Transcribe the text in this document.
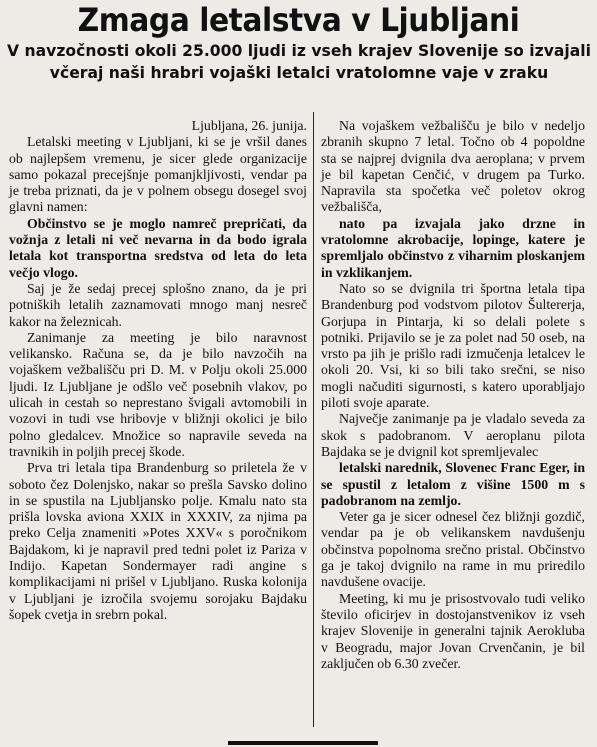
Zmaga letalstva v Ljubljani
V navzočnosti okoli 25.000 ljudi iz vseh krajev Slovenije so izvajali včeraj naši hrabri vojaški letalci vratolomne vaje v zraku

Ljubljana, 26. junija.

Letalski meeting v Ljubljani, ki se je vršil danes ob najlepšem vremenu, je sicer glede organizacije samo pokazal precejšnje pomanjkljivosti, vendar pa je treba priznati, da je v polnem obsegu dosegel svoj glavni namen:

Občinstvo se je moglo namreč prepričati, da vožnja z letali ni več nevarna in da bodo igrala letala kot transportna sredstva od leta do leta večjo vlogo.

Saj je že sedaj precej splošno znano, da je pri potniških letalih zaznamovati mnogo manj nesreč kakor na železnicah.

Zanimanje za meeting je bilo naravnost velikansko. Računa se, da je bilo navzočih na vojaškem vežbališču pri D. M. v Polju okoli 25.000 ljudi. Iz Ljubljane je odšlo več posebnih vlakov, po ulicah in cestah so neprestano švigali avtomobili in vozovi in tudi vse hribovje v bližnji okolici je bilo polno gledalcev. Množice so napravile seveda na travnikih in poljih precej škode.

Prva tri letala tipa Brandenburg so priletela že v soboto čez Dolenjsko, nakar so prešla Savsko dolino in se spustila na Ljubljansko polje. Kmalu nato sta prišla lovska aviona XXIX in XXXIV, za njima pa preko Celja znameniti »Potes XXV« s poročnikom Bajdakom, ki je napravil pred tedni polet iz Pariza v Indijo. Kapetan Sondermayer radi angine s komplikacijami ni prišel v Ljubljano. Ruska kolonija v Ljubljani je izročila svojemu sorojaku Bajdaku šopek cvetja in srebrn pokal.

Na vojaškem vežbališču je bilo v nedeljo zbranih skupno 7 letal. Točno ob 4 popoldne sta se najprej dvignila dva aeroplana; v prvem je bil kapetan Cenčić, v drugem pa Turko. Napravila sta spočetka več poletov okrog vežbališča,

nato pa izvajala jako drzne in vratolomne akrobacije, lopinge, katere je spremljalo občinstvo z viharnim ploskanjem in vzklikanjem.

Nato so se dvignila tri športna letala tipa Brandenburg pod vodstvom pilotov Šulterer​ja, Gorjupa in Pintarja, ki so delali polete s potniki. Prijavilo se je za polet nad 50 oseb, na vrsto pa jih je prišlo radi izmučenja letalcev le okoli 20. Vsi, ki so bili tako srečni, se niso mogli načuditi sigurnosti, s katero uporabljajo piloti svoje aparate.

Največje zanimanje pa je vladalo seveda za skok s padobranom. V aeroplanu pilota Bajdaka se je dvignil kot spremljevalec

letalski narednik, Slovenec Franc Eger, in se spustil z letalom z višine 1500 m s padobranom na zemljo.

Veter ga je sicer odnesel čez bližnji gozdič, vendar pa je ob velikanskem navdušenju občinstva popolnoma srečno pristal. Občinstvo ga je takoj dvignilo na rame in mu priredilo navdušene ovacije.

Meeting, ki mu je prisostvovalo tudi veliko število oficirjev in dostojanstvenikov iz vseh krajev Slovenije in generalni tajnik Aerokluba v Beogradu, major Jovan Crvenčanin, je bil zaključen ob 6.30 zvečer.
